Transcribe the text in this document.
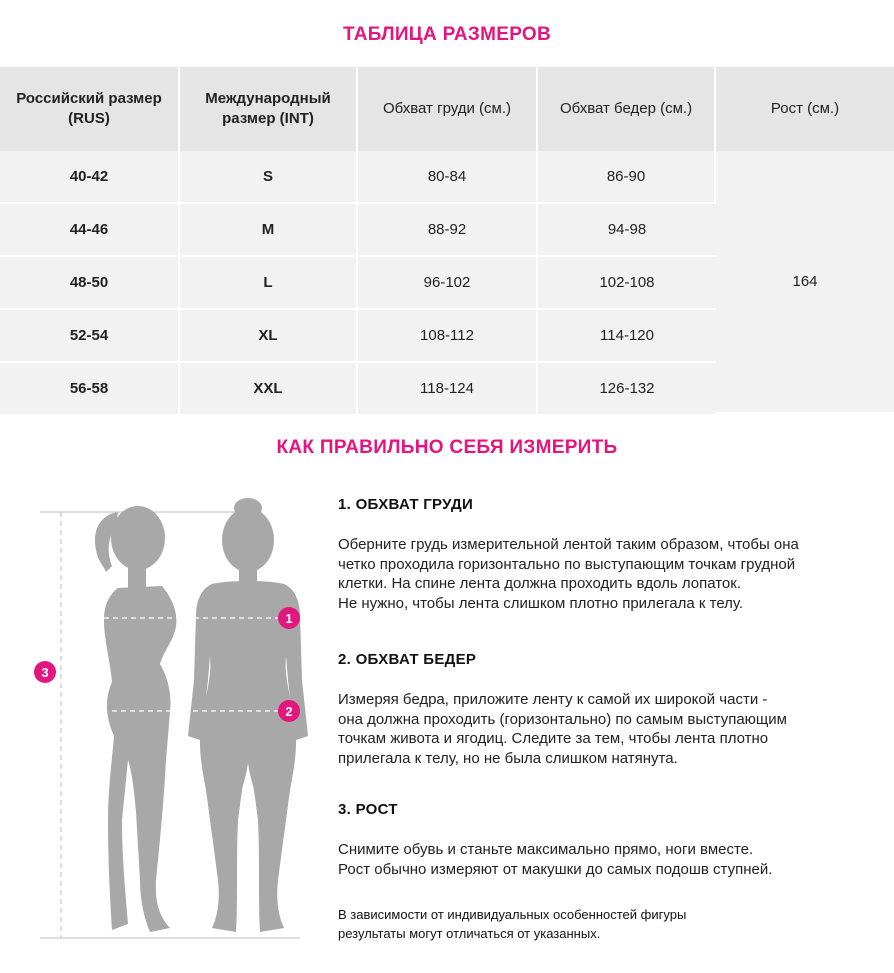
ТАБЛИЦА РАЗМЕРОВ
Российский размер (RUS)	Международный размер (INT)	Обхват груди (см.)	Обхват бедер (см.)	Рост (см.)
40-42	S	80-84	86-90	164
44-46	M	88-92	94-98	
48-50	L	96-102	102-108	
52-54	XL	108-112	114-120	
56-58	XXL	118-124	126-132	
КАК ПРАВИЛЬНО СЕБЯ ИЗМЕРИТЬ
1
2
3
1. ОБХВАТ ГРУДИ

Оберните грудь измерительной лентой таким образом, чтобы она

четко проходила горизонтально по выступающим точкам грудной

клетки. На спине лента должна проходить вдоль лопаток.

Не нужно, чтобы лента слишком плотно прилегала к телу.

2. ОБХВАТ БЕДЕР

Измеряя бедра, приложите ленту к самой их широкой части -

она должна проходить (горизонтально) по самым выступающим

точкам живота и ягодиц. Следите за тем, чтобы лента плотно

прилегала к телу, но не была слишком натянута.

3. РОСТ

Снимите обувь и станьте максимально прямо, ноги вместе.

Рост обычно измеряют от макушки до самых подошв ступней.

В зависимости от индивидуальных особенностей фигуры
результаты могут отличаться от указанных.
